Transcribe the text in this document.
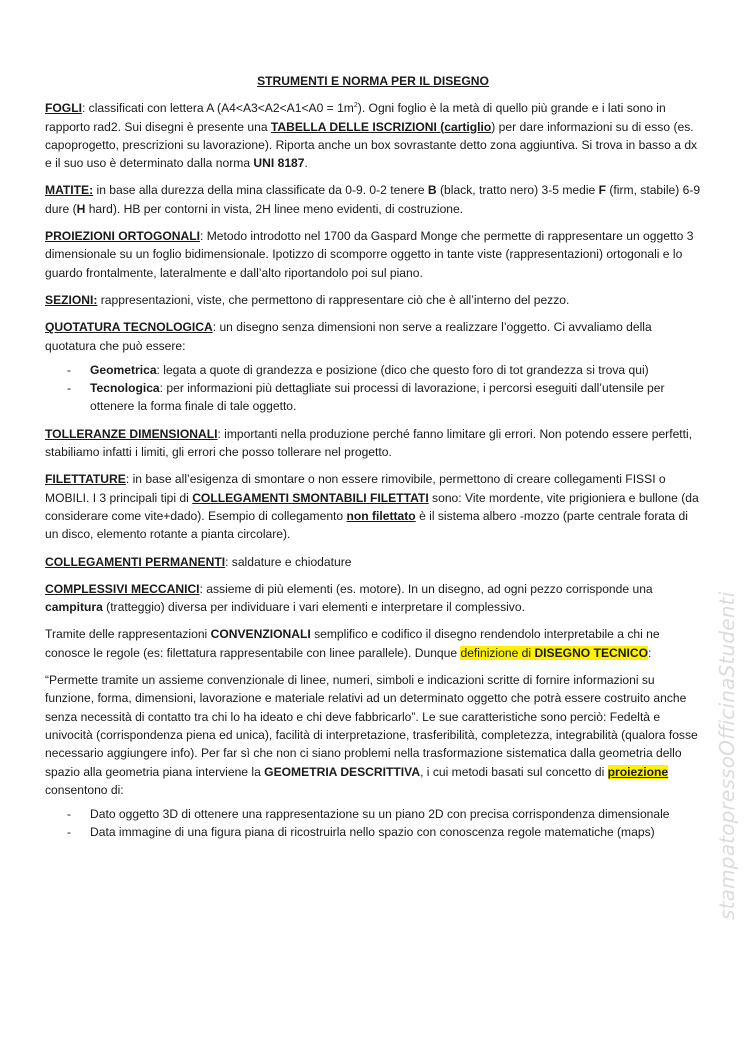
STRUMENTI E NORMA PER IL DISEGNO

FOGLI: classificati con lettera A $(A4<A3<A2<A1<A0 = 1m^2)$. Ogni foglio è la metà di quello più grande e i lati sono in rapporto rad2. Sui disegni è presente una TABELLA DELLE ISCRIZIONI (cartiglio) per dare informazioni su di esso (es. capoprogetto, prescrizioni su lavorazione). Riporta anche un box sovrastante detto zona aggiuntiva. Si trova in basso a dx e il suo uso è determinato dalla norma UNI 8187.

MATITE: in base alla durezza della mina classificate da 0-9. 0-2 tenere B (black, tratto nero) 3-5 medie F (firm, stabile) 6-9 dure (H hard). HB per contorni in vista, 2H linee meno evidenti, di costruzione.

PROIEZIONI ORTOGONALI: Metodo introdotto nel 1700 da Gaspard Monge che permette di rappresentare un oggetto 3 dimensionale su un foglio bidimensionale. Ipotizzo di scomporre oggetto in tante viste (rappresentazioni) ortogonali e lo guardo frontalmente, lateralmente e dall’alto riportandolo poi sul piano.

SEZIONI: rappresentazioni, viste, che permettono di rappresentare ciò che è all’interno del pezzo.

QUOTATURA TECNOLOGICA: un disegno senza dimensioni non serve a realizzare l’oggetto. Ci avvaliamo della quotatura che può essere:

- Geometrica: legata a quote di grandezza e posizione (dico che questo foro di tot grandezza si trova qui)
- Tecnologica: per informazioni più dettagliate sui processi di lavorazione, i percorsi eseguiti dall’utensile per ottenere la forma finale di tale oggetto.

TOLLERANZE DIMENSIONALI: importanti nella produzione perché fanno limitare gli errori. Non potendo essere perfetti, stabiliamo infatti i limiti, gli errori che posso tollerare nel progetto.

FILETTATURE: in base all’esigenza di smontare o non essere rimovibile, permettono di creare collegamenti FISSI o MOBILI. I 3 principali tipi di COLLEGAMENTI SMONTABILI FILETTATI sono: Vite mordente, vite prigioniera e bullone (da considerare come vite+dado). Esempio di collegamento non filettato è il sistema albero -mozzo (parte centrale forata di un disco, elemento rotante a pianta circolare).

COLLEGAMENTI PERMANENTI: saldature e chiodature

COMPLESSIVI MECCANICI: assieme di più elementi (es. motore). In un disegno, ad ogni pezzo corrisponde una campitura (tratteggio) diversa per individuare i vari elementi e interpretare il complessivo.

Tramite delle rappresentazioni CONVENZIONALI semplifico e codifico il disegno rendendolo interpretabile a chi ne conosce le regole (es: filettatura rappresentabile con linee parallele). Dunque definizione di DISEGNO TECNICO:

“Permette tramite un assieme convenzionale di linee, numeri, simboli e indicazioni scritte di fornire informazioni su funzione, forma, dimensioni, lavorazione e materiale relativi ad un determinato oggetto che potrà essere costruito anche senza necessità di contatto tra chi lo ha ideato e chi deve fabbricarlo”. Le sue caratteristiche sono perciò: Fedeltà e univocità (corrispondenza piena ed unica), facilità di interpretazione, trasferibilità, completezza, integrabilità (qualora fosse necessario aggiungere info). Per far sì che non ci siano problemi nella trasformazione sistematica dalla geometria dello spazio alla geometria piana interviene la GEOMETRIA DESCRITTIVA, i cui metodi basati sul concetto di proiezione consentono di:

- Dato oggetto 3D di ottenere una rappresentazione su un piano 2D con precisa corrispondenza dimensionale
- Data immagine di una figura piana di ricostruirla nello spazio con conoscenza regole matematiche (maps)	stampatopressoOfficinaStudenti
